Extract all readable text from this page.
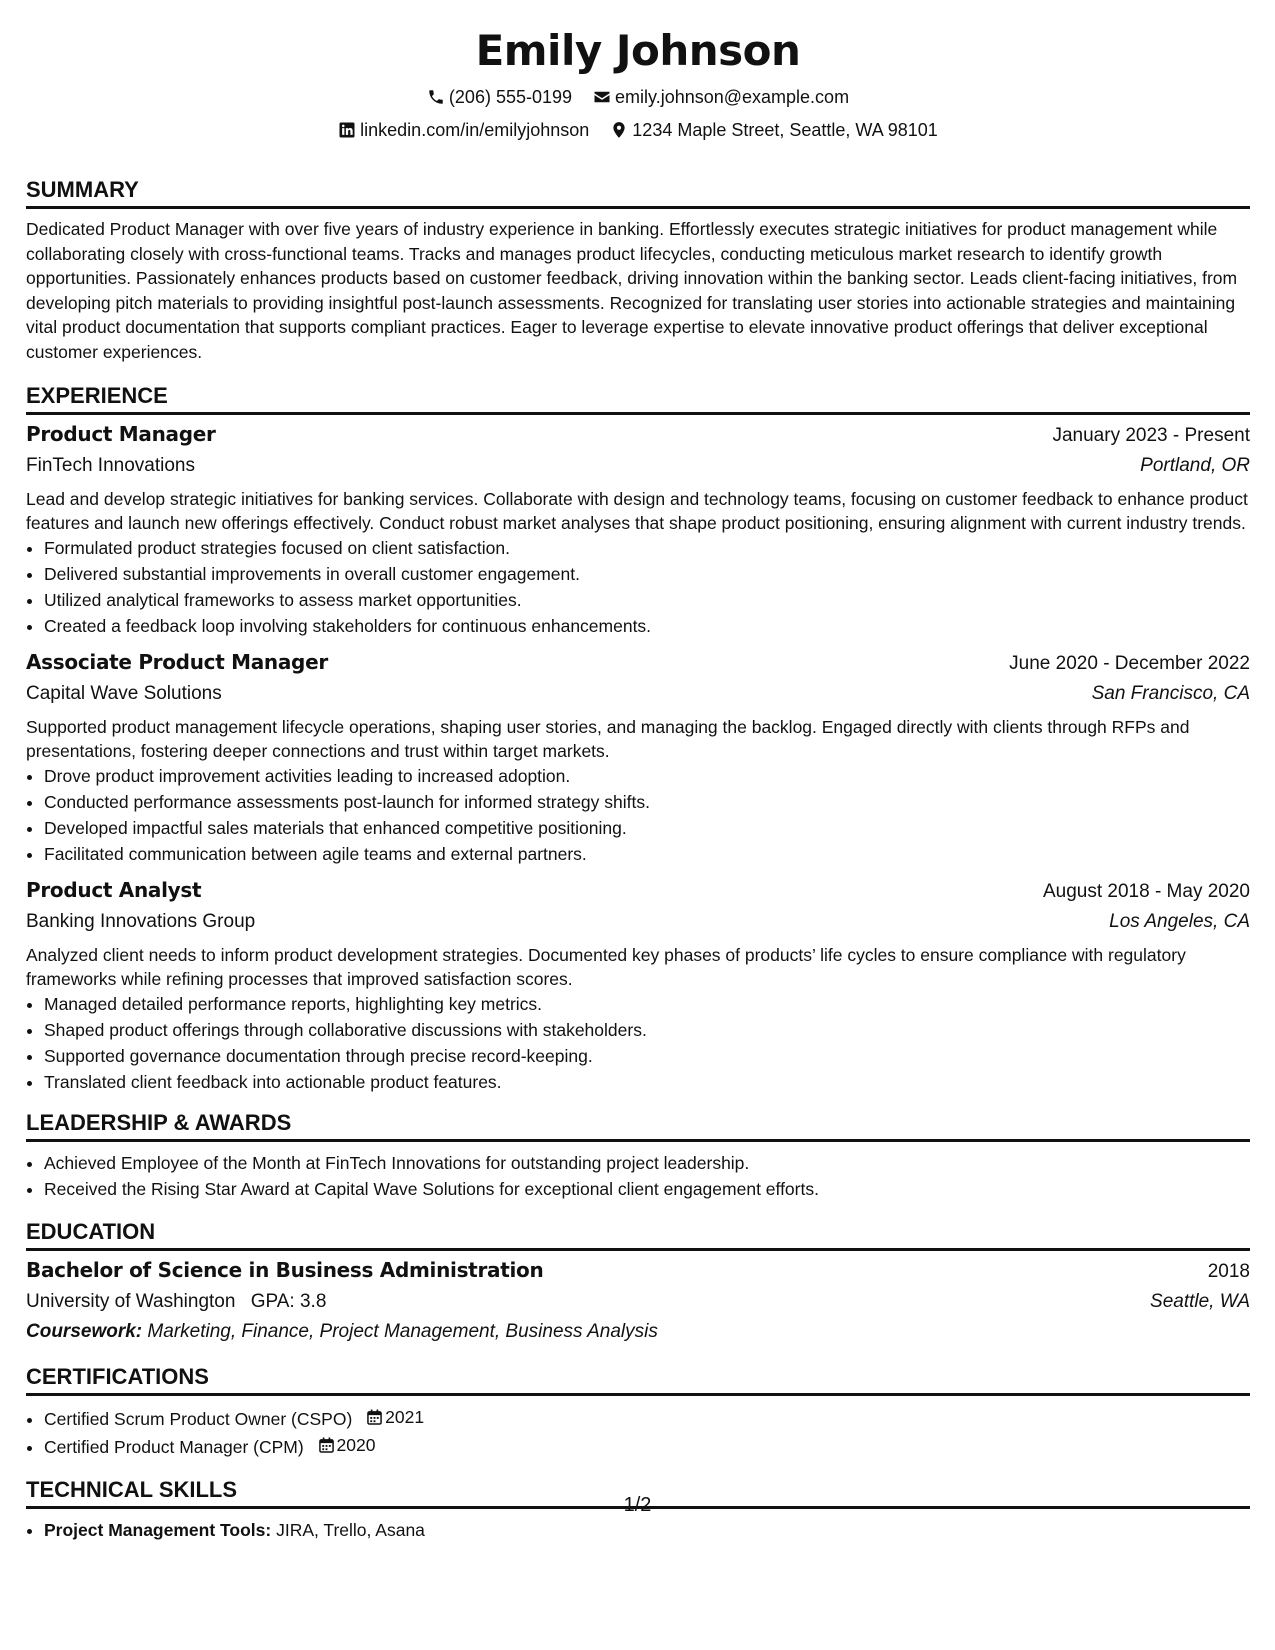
Emily Johnson
(206) 555-0199
emily.johnson@example.com
linkedin.com/in/emilyjohnson
1234 Maple Street, Seattle, WA 98101
SUMMARY

Dedicated Product Manager with over five years of industry experience in banking. Effortlessly executes strategic initiatives for product management while collaborating closely with cross-functional teams. Tracks and manages product lifecycles, conducting meticulous market research to identify growth opportunities. Passionately enhances products based on customer feedback, driving innovation within the banking sector. Leads client-facing initiatives, from developing pitch materials to providing insightful post-launch assessments. Recognized for translating user stories into actionable strategies and maintaining vital product documentation that supports compliant practices. Eager to leverage expertise to elevate innovative product offerings that deliver exceptional customer experiences.

EXPERIENCE
Product Manager	January 2023 - Present
FinTech Innovations	Portland, OR

Lead and develop strategic initiatives for banking services. Collaborate with design and technology teams, focusing on customer feedback to enhance product features and launch new offerings effectively. Conduct robust market analyses that shape product positioning, ensuring alignment with current industry trends.

• Formulated product strategies focused on client satisfaction.
• Delivered substantial improvements in overall customer engagement.
• Utilized analytical frameworks to assess market opportunities.
• Created a feedback loop involving stakeholders for continuous enhancements.
Associate Product Manager	June 2020 - December 2022
Capital Wave Solutions	San Francisco, CA

Supported product management lifecycle operations, shaping user stories, and managing the backlog. Engaged directly with clients through RFPs and presentations, fostering deeper connections and trust within target markets.

• Drove product improvement activities leading to increased adoption.
• Conducted performance assessments post-launch for informed strategy shifts.
• Developed impactful sales materials that enhanced competitive positioning.
• Facilitated communication between agile teams and external partners.
Product Analyst	August 2018 - May 2020
Banking Innovations Group	Los Angeles, CA

Analyzed client needs to inform product development strategies. Documented key phases of products’ life cycles to ensure compliance with regulatory frameworks while refining processes that improved satisfaction scores.

• Managed detailed performance reports, highlighting key metrics.
• Shaped product offerings through collaborative discussions with stakeholders.
• Supported governance documentation through precise record-keeping.
• Translated client feedback into actionable product features.
LEADERSHIP & AWARDS
• Achieved Employee of the Month at FinTech Innovations for outstanding project leadership.
• Received the Rising Star Award at Capital Wave Solutions for exceptional client engagement efforts.
EDUCATION
Bachelor of Science in Business Administration	2018
University of Washington GPA: 3.8	Seattle, WA
Coursework: Marketing, Finance, Project Management, Business Analysis
CERTIFICATIONS
• Certified Scrum Product Owner (CSPO) 2021
• Certified Product Manager (CPM) 2020
TECHNICAL SKILLS
• Project Management Tools: JIRA, Trello, Asana
1/2
